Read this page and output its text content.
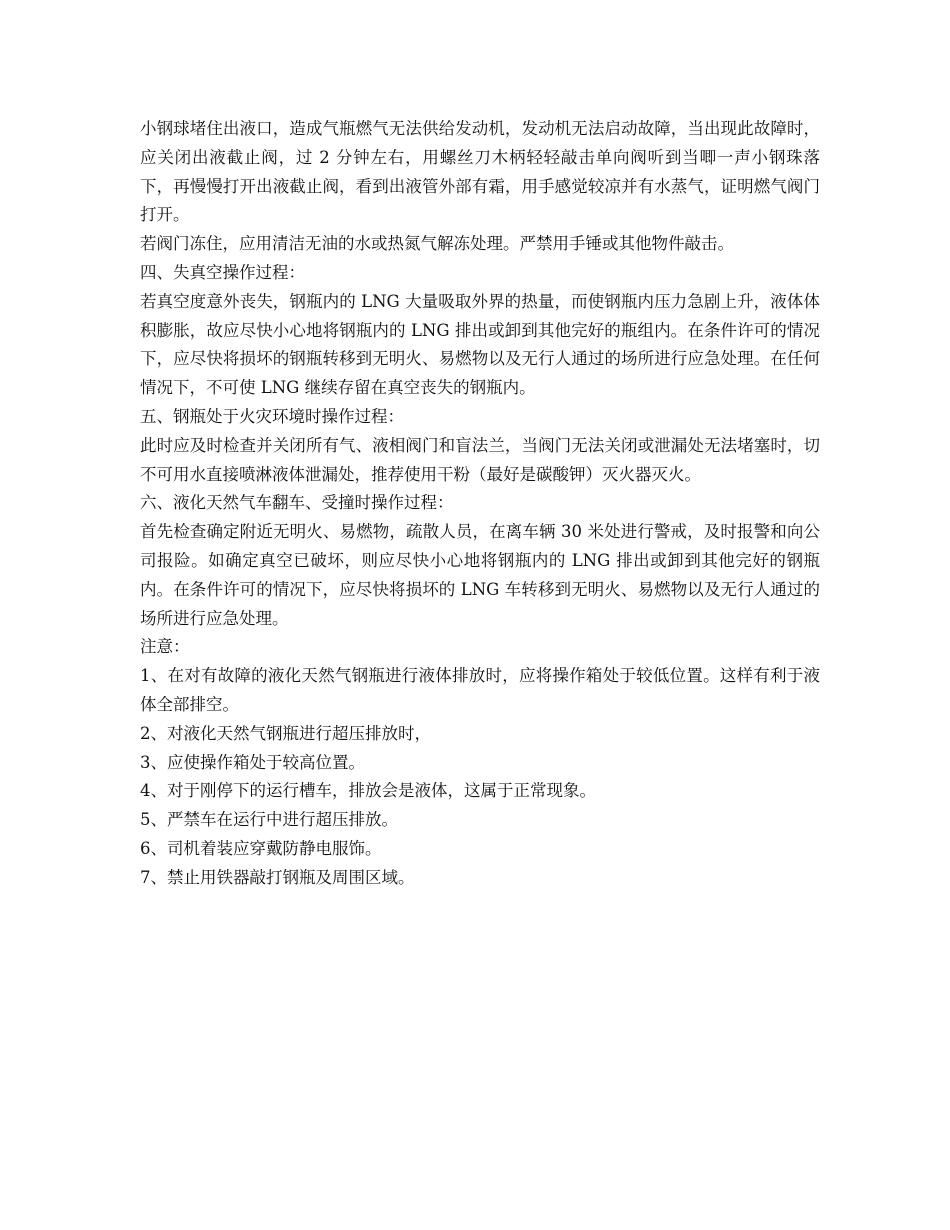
小钢球堵住出液口，造成气瓶燃气无法供给发动机，发动机无法启动故障，当出现此故障时，应关闭出液截止阀，过 2 分钟左右，用螺丝刀木柄轻轻敲击单向阀听到当唧一声小钢珠落下，再慢慢打开出液截止阀，看到出液管外部有霜，用手感觉较凉并有水蒸气，证明燃气阀门打开。

若阀门冻住，应用清洁无油的水或热氮气解冻处理。严禁用手锤或其他物件敲击。

四、失真空操作过程：

若真空度意外丧失，钢瓶内的 LNG 大量吸取外界的热量，而使钢瓶内压力急剧上升，液体体积膨胀，故应尽快小心地将钢瓶内的 LNG 排出或卸到其他完好的瓶组内。在条件许可的情况下，应尽快将损坏的钢瓶转移到无明火、易燃物以及无行人通过的场所进行应急处理。在任何情况下，不可使 LNG 继续存留在真空丧失的钢瓶内。

五、钢瓶处于火灾环境时操作过程：

此时应及时检查并关闭所有气、液相阀门和盲法兰，当阀门无法关闭或泄漏处无法堵塞时，切不可用水直接喷淋液体泄漏处，推荐使用干粉（最好是碳酸钾）灭火器灭火。

六、液化天然气车翻车、受撞时操作过程：

首先检查确定附近无明火、易燃物，疏散人员，在离车辆 30 米处进行警戒，及时报警和向公司报险。如确定真空已破坏，则应尽快小心地将钢瓶内的 LNG 排出或卸到其他完好的钢瓶内。在条件许可的情况下，应尽快将损坏的 LNG 车转移到无明火、易燃物以及无行人通过的场所进行应急处理。

注意：

1、在对有故障的液化天然气钢瓶进行液体排放时，应将操作箱处于较低位置。这样有利于液体全部排空。

2、对液化天然气钢瓶进行超压排放时，

3、应使操作箱处于较高位置。

4、对于刚停下的运行槽车，排放会是液体，这属于正常现象。

5、严禁车在运行中进行超压排放。

6、司机着装应穿戴防静电服饰。

7、禁止用铁器敲打钢瓶及周围区域。
